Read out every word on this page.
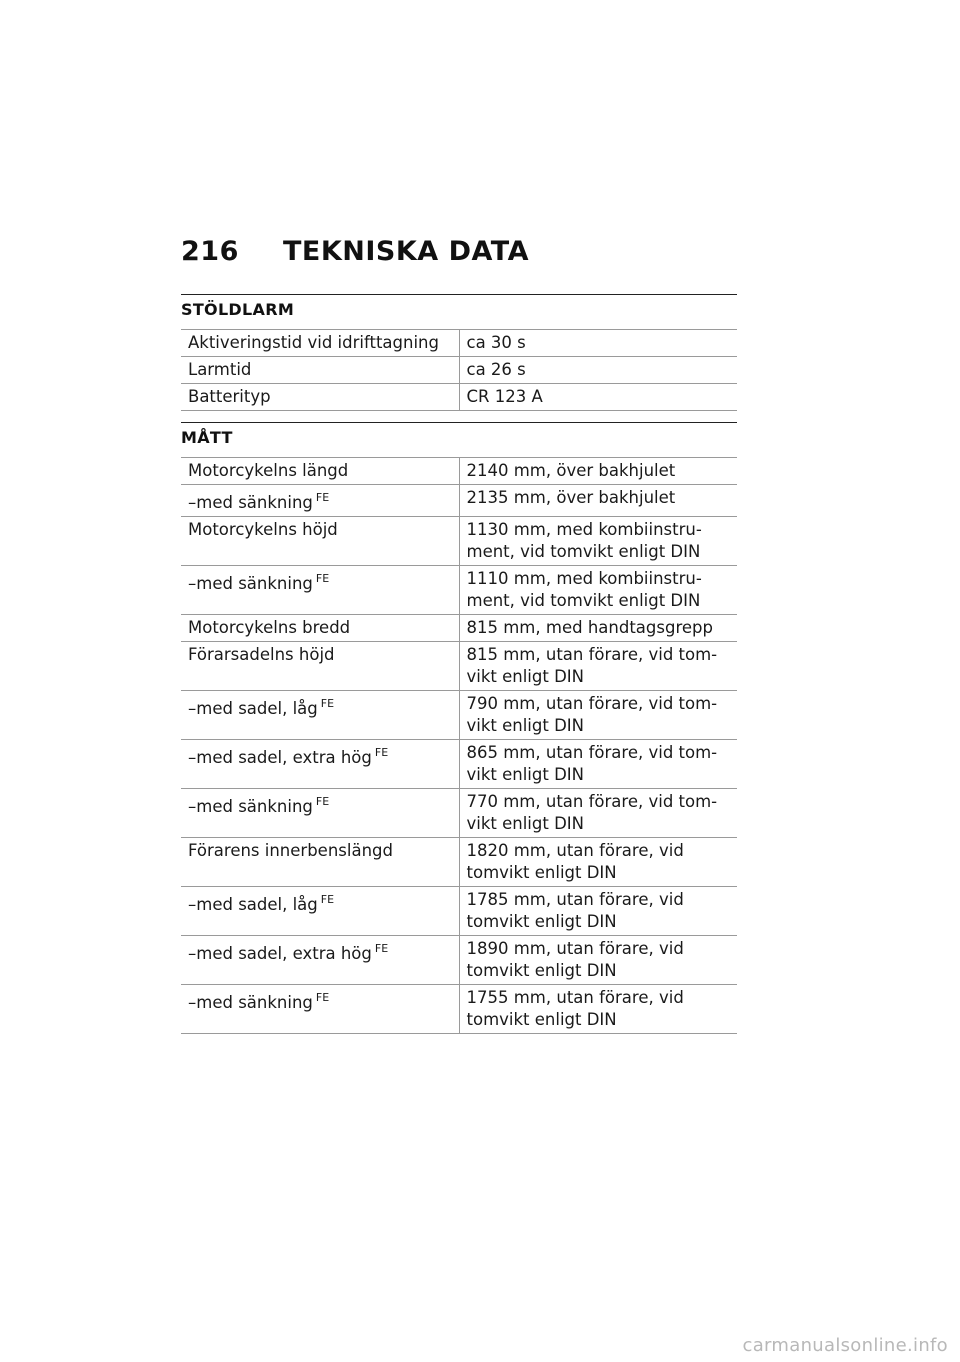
216 TEKNISKA DATA
STÖLDLARM
Aktiveringstid vid idrifttagning	ca 30 s
Larmtid	ca 26 s
Batterityp	CR 123 A
MÅTT
Motorcykelns längd	2140 mm, över bakhjulet
–med sänkning $^{FE}$	2135 mm, över bakhjulet
Motorcykelns höjd	1130 mm, med kombiinstru-ment, vid tomvikt enligt DIN
–med sänkning $^{FE}$	1110 mm, med kombiinstru-ment, vid tomvikt enligt DIN
Motorcykelns bredd	815 mm, med handtagsgrepp
Förarsadelns höjd	815 mm, utan förare, vid tom-vikt enligt DIN
–med sadel, låg $^{FE}$	790 mm, utan förare, vid tom-vikt enligt DIN
–med sadel, extra hög $^{FE}$	865 mm, utan förare, vid tom-vikt enligt DIN
–med sänkning $^{FE}$	770 mm, utan förare, vid tom-vikt enligt DIN
Förarens innerbenslängd	1820 mm, utan förare, vid tomvikt enligt DIN
–med sadel, låg $^{FE}$	1785 mm, utan förare, vid tomvikt enligt DIN
–med sadel, extra hög $^{FE}$	1890 mm, utan förare, vid tomvikt enligt DIN
–med sänkning $^{FE}$	1755 mm, utan förare, vid tomvikt enligt DIN
carmanualsonline.info
